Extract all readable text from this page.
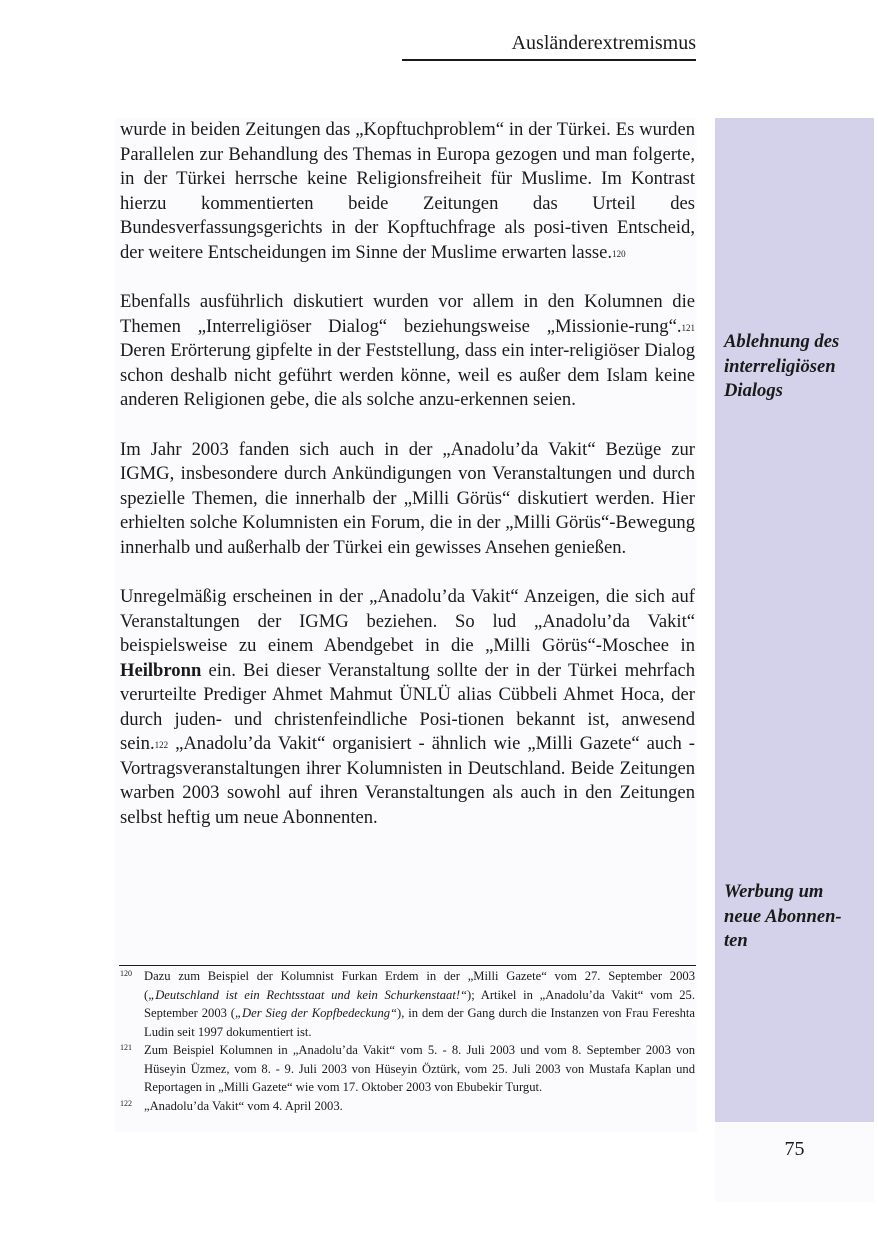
Ausländerextremismus

wurde in beiden Zeitungen das „Kopftuchproblem“ in der Türkei. Es wurden Parallelen zur Behandlung des Themas in Europa gezogen und man folgerte, in der Türkei herrsche keine Religionsfreiheit für Muslime. Im Kontrast hierzu kommentierten beide Zeitungen das Urteil des Bundesverfassungsgerichts in der Kopftuchfrage als posi-tiven Entscheid, der weitere Entscheidungen im Sinne der Muslime erwarten lasse.$^{120}$

Ebenfalls ausführlich diskutiert wurden vor allem in den Kolumnen die Themen „Interreligiöser Dialog“ beziehungsweise „Missionie-rung“.$^{121}$ Deren Erörterung gipfelte in der Feststellung, dass ein inter-religiöser Dialog schon deshalb nicht geführt werden könne, weil es außer dem Islam keine anderen Religionen gebe, die als solche anzu-erkennen seien.

Im Jahr 2003 fanden sich auch in der „Anadolu’da Vakit“ Bezüge zur IGMG, insbesondere durch Ankündigungen von Veranstaltungen und durch spezielle Themen, die innerhalb der „Milli Görüs“ diskutiert werden. Hier erhielten solche Kolumnisten ein Forum, die in der „Milli Görüs“-Bewegung innerhalb und außerhalb der Türkei ein gewisses Ansehen genießen.

Unregelmäßig erscheinen in der „Anadolu’da Vakit“ Anzeigen, die sich auf Veranstaltungen der IGMG beziehen. So lud „Anadolu’da Vakit“ beispielsweise zu einem Abendgebet in die „Milli Görüs“-Moschee in Heilbronn ein. Bei dieser Veranstaltung sollte der in der Türkei mehrfach verurteilte Prediger Ahmet Mahmut ÜNLÜ alias Cübbeli Ahmet Hoca, der durch juden- und christenfeindliche Posi-tionen bekannt ist, anwesend sein.$^{122}$ „Anadolu’da Vakit“ organisiert - ähnlich wie „Milli Gazete“ auch - Vortragsveranstaltungen ihrer Kolumnisten in Deutschland. Beide Zeitungen warben 2003 sowohl auf ihren Veranstaltungen als auch in den Zeitungen selbst heftig um neue Abonnenten.

Ablehnung des
interreligiösen
Dialogs
Werbung um
neue Abonnen-
ten
120 Dazu zum Beispiel der Kolumnist Furkan Erdem in der „Milli Gazete“ vom 27. September 2003 („Deutschland ist ein Rechtsstaat und kein Schurkenstaat!“); Artikel in „Anadolu’da Vakit“ vom 25. September 2003 („Der Sieg der Kopfbedeckung“), in dem der Gang durch die Instanzen von Frau Fereshta Ludin seit 1997 dokumentiert ist.
121 Zum Beispiel Kolumnen in „Anadolu’da Vakit“ vom 5. - 8. Juli 2003 und vom 8. September 2003 von Hüseyin Üzmez, vom 8. - 9. Juli 2003 von Hüseyin Öztürk, vom 25. Juli 2003 von Mustafa Kaplan und Reportagen in „Milli Gazete“ wie vom 17. Oktober 2003 von Ebubekir Turgut.
122 „Anadolu’da Vakit“ vom 4. April 2003.
75
